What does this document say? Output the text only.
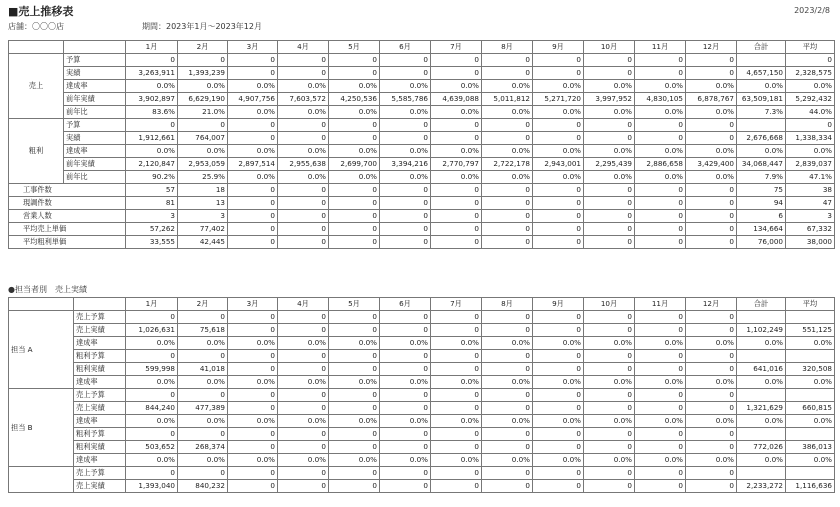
■売上推移表	2023/2/8
店舗：〇〇〇店	期間：2023年1月～2023年12月
		1月	2月	3月	4月	5月	6月	7月	8月	9月	10月	11月	12月	合計	平均
売上	予算	0	0	0	0	0	0	0	0	0	0	0	0		0
	実績	3,263,911	1,393,239	0	0	0	0	0	0	0	0	0	0	4,657,150	2,328,575
	達成率	0.0%	0.0%	0.0%	0.0%	0.0%	0.0%	0.0%	0.0%	0.0%	0.0%	0.0%	0.0%	0.0%	0.0%
	前年実績	3,902,897	6,629,190	4,907,756	7,603,572	4,250,536	5,585,786	4,639,088	5,011,812	5,271,720	3,997,952	4,830,105	6,878,767	63,509,181	5,292,432
	前年比	83.6%	21.0%	0.0%	0.0%	0.0%	0.0%	0.0%	0.0%	0.0%	0.0%	0.0%	0.0%	7.3%	44.0%
粗利	予算	0	0	0	0	0	0	0	0	0	0	0	0		0
	実績	1,912,661	764,007	0	0	0	0	0	0	0	0	0	0	2,676,668	1,338,334
	達成率	0.0%	0.0%	0.0%	0.0%	0.0%	0.0%	0.0%	0.0%	0.0%	0.0%	0.0%	0.0%	0.0%	0.0%
	前年実績	2,120,847	2,953,059	2,897,514	2,955,638	2,699,700	3,394,216	2,770,797	2,722,178	2,943,001	2,295,439	2,886,658	3,429,400	34,068,447	2,839,037
	前年比	90.2%	25.9%	0.0%	0.0%	0.0%	0.0%	0.0%	0.0%	0.0%	0.0%	0.0%	0.0%	7.9%	47.1%
工事件数		57	18	0	0	0	0	0	0	0	0	0	0	75	38
現調件数		81	13	0	0	0	0	0	0	0	0	0	0	94	47
営業人数		3	3	0	0	0	0	0	0	0	0	0	0	6	3
平均売上単価		57,262	77,402	0	0	0	0	0	0	0	0	0	0	134,664	67,332
平均粗利単価		33,555	42,445	0	0	0	0	0	0	0	0	0	0	76,000	38,000
●担当者別　売上実績
		1月	2月	3月	4月	5月	6月	7月	8月	9月	10月	11月	12月	合計	平均
担当 A	売上予算	0	0	0	0	0	0	0	0	0	0	0	0		
	売上実績	1,026,631	75,618	0	0	0	0	0	0	0	0	0	0	1,102,249	551,125
	達成率	0.0%	0.0%	0.0%	0.0%	0.0%	0.0%	0.0%	0.0%	0.0%	0.0%	0.0%	0.0%	0.0%	0.0%
	粗利予算	0	0	0	0	0	0	0	0	0	0	0	0		
	粗利実績	599,998	41,018	0	0	0	0	0	0	0	0	0	0	641,016	320,508
	達成率	0.0%	0.0%	0.0%	0.0%	0.0%	0.0%	0.0%	0.0%	0.0%	0.0%	0.0%	0.0%	0.0%	0.0%
担当 B	売上予算	0	0	0	0	0	0	0	0	0	0	0	0		
	売上実績	844,240	477,389	0	0	0	0	0	0	0	0	0	0	1,321,629	660,815
	達成率	0.0%	0.0%	0.0%	0.0%	0.0%	0.0%	0.0%	0.0%	0.0%	0.0%	0.0%	0.0%	0.0%	0.0%
	粗利予算	0	0	0	0	0	0	0	0	0	0	0	0		
	粗利実績	503,652	268,374	0	0	0	0	0	0	0	0	0	0	772,026	386,013
	達成率	0.0%	0.0%	0.0%	0.0%	0.0%	0.0%	0.0%	0.0%	0.0%	0.0%	0.0%	0.0%	0.0%	0.0%
	売上予算	0	0	0	0	0	0	0	0	0	0	0	0		
	売上実績	1,393,040	840,232	0	0	0	0	0	0	0	0	0	0	2,233,272	1,116,636
